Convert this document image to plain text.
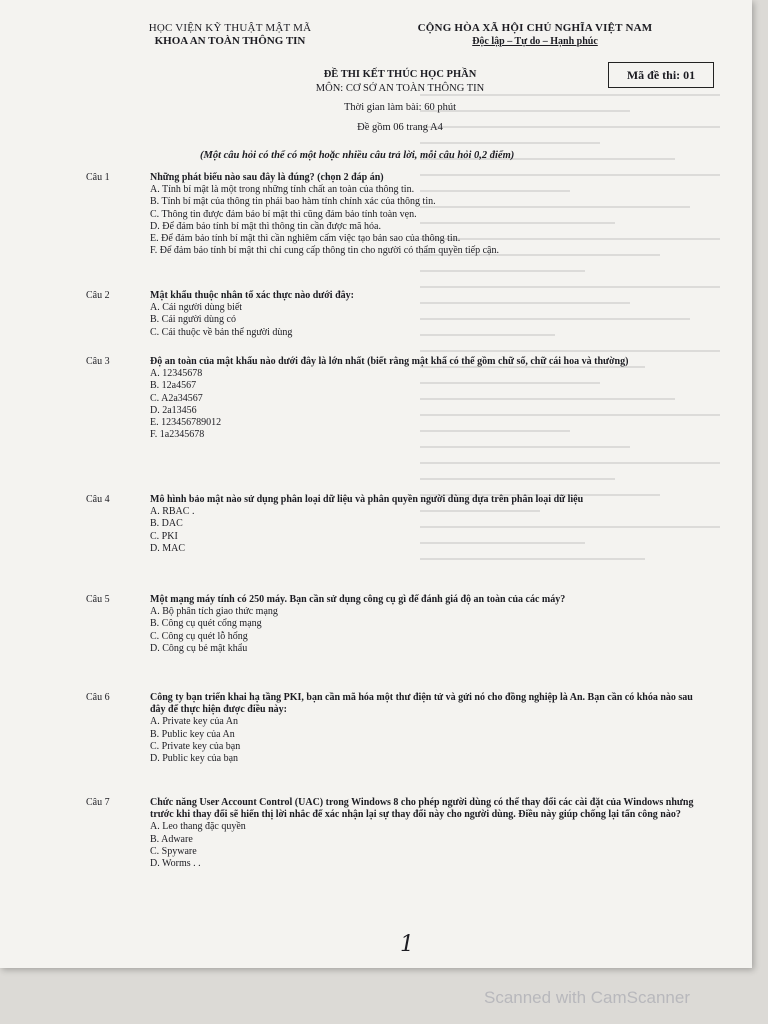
HỌC VIỆN KỸ THUẬT MẬT MÃ
KHOA AN TOÀN THÔNG TIN
CỘNG HÒA XÃ HỘI CHỦ NGHĨA VIỆT NAM
Độc lập – Tự do – Hạnh phúc
ĐỀ THI KẾT THÚC HỌC PHẦN
MÔN: CƠ SỞ AN TOÀN THÔNG TIN
Thời gian làm bài: 60 phút
Đề gồm 06 trang A4
Mã đề thi: 01
(Một câu hỏi có thể có một hoặc nhiều câu trả lời, mỗi câu hỏi 0,2 điểm)
Câu 1	Những phát biểu nào sau đây là đúng? (chọn 2 đáp án)
A. Tính bí mật là một trong những tính chất an toàn của thông tin.
B. Tính bí mật của thông tin phải bao hàm tính chính xác của thông tin.
C. Thông tin được đảm bảo bí mật thì cũng đảm bảo tính toàn vẹn.
D. Để đảm bảo tính bí mật thì thông tin cần được mã hóa.
E. Để đảm bảo tính bí mật thì cần nghiêm cấm việc tạo bản sao của thông tin.
F. Để đảm bảo tính bí mật thì chỉ cung cấp thông tin cho người có thẩm quyền tiếp cận.
Câu 2	Mật khẩu thuộc nhân tố xác thực nào dưới đây:
A. Cái người dùng biết
B. Cái người dùng có
C. Cái thuộc về bản thể người dùng
Câu 3	Độ an toàn của mật khẩu nào dưới đây là lớn nhất (biết rằng mật khẩ có thể gồm chữ số, chữ cái hoa và thường)
A. 12345678
B. 12a4567
C. A2a34567
D. 2a13456
E. 123456789012
F. 1a2345678
Câu 4	Mô hình bảo mật nào sử dụng phân loại dữ liệu và phân quyền người dùng dựa trên phân loại dữ liệu
A. RBAC .
B. DAC
C. PKI
D. MAC
Câu 5	Một mạng máy tính có 250 máy. Bạn cần sử dụng công cụ gì để đánh giá độ an toàn của các máy?
A. Bộ phân tích giao thức mạng
B. Công cụ quét cổng mạng
C. Công cụ quét lỗ hổng
D. Công cụ bẻ mật khẩu
Câu 6	Công ty bạn triển khai hạ tầng PKI, bạn cần mã hóa một thư điện tử và gửi nó cho đồng nghiệp là An. Bạn cần có khóa nào sau đây để thực hiện được điều này:
A. Private key của An
B. Public key của An
C. Private key của bạn
D. Public key của bạn
Câu 7	Chức năng User Account Control (UAC) trong Windows 8 cho phép người dùng có thể thay đổi các cài đặt của Windows nhưng trước khi thay đổi sẽ hiển thị lời nhắc để xác nhận lại sự thay đổi này cho người dùng. Điều này giúp chống lại tấn công nào?
A. Leo thang đặc quyền
B. Adware
C. Spyware
D. Worms . .
1
Scanned with CamScanner
